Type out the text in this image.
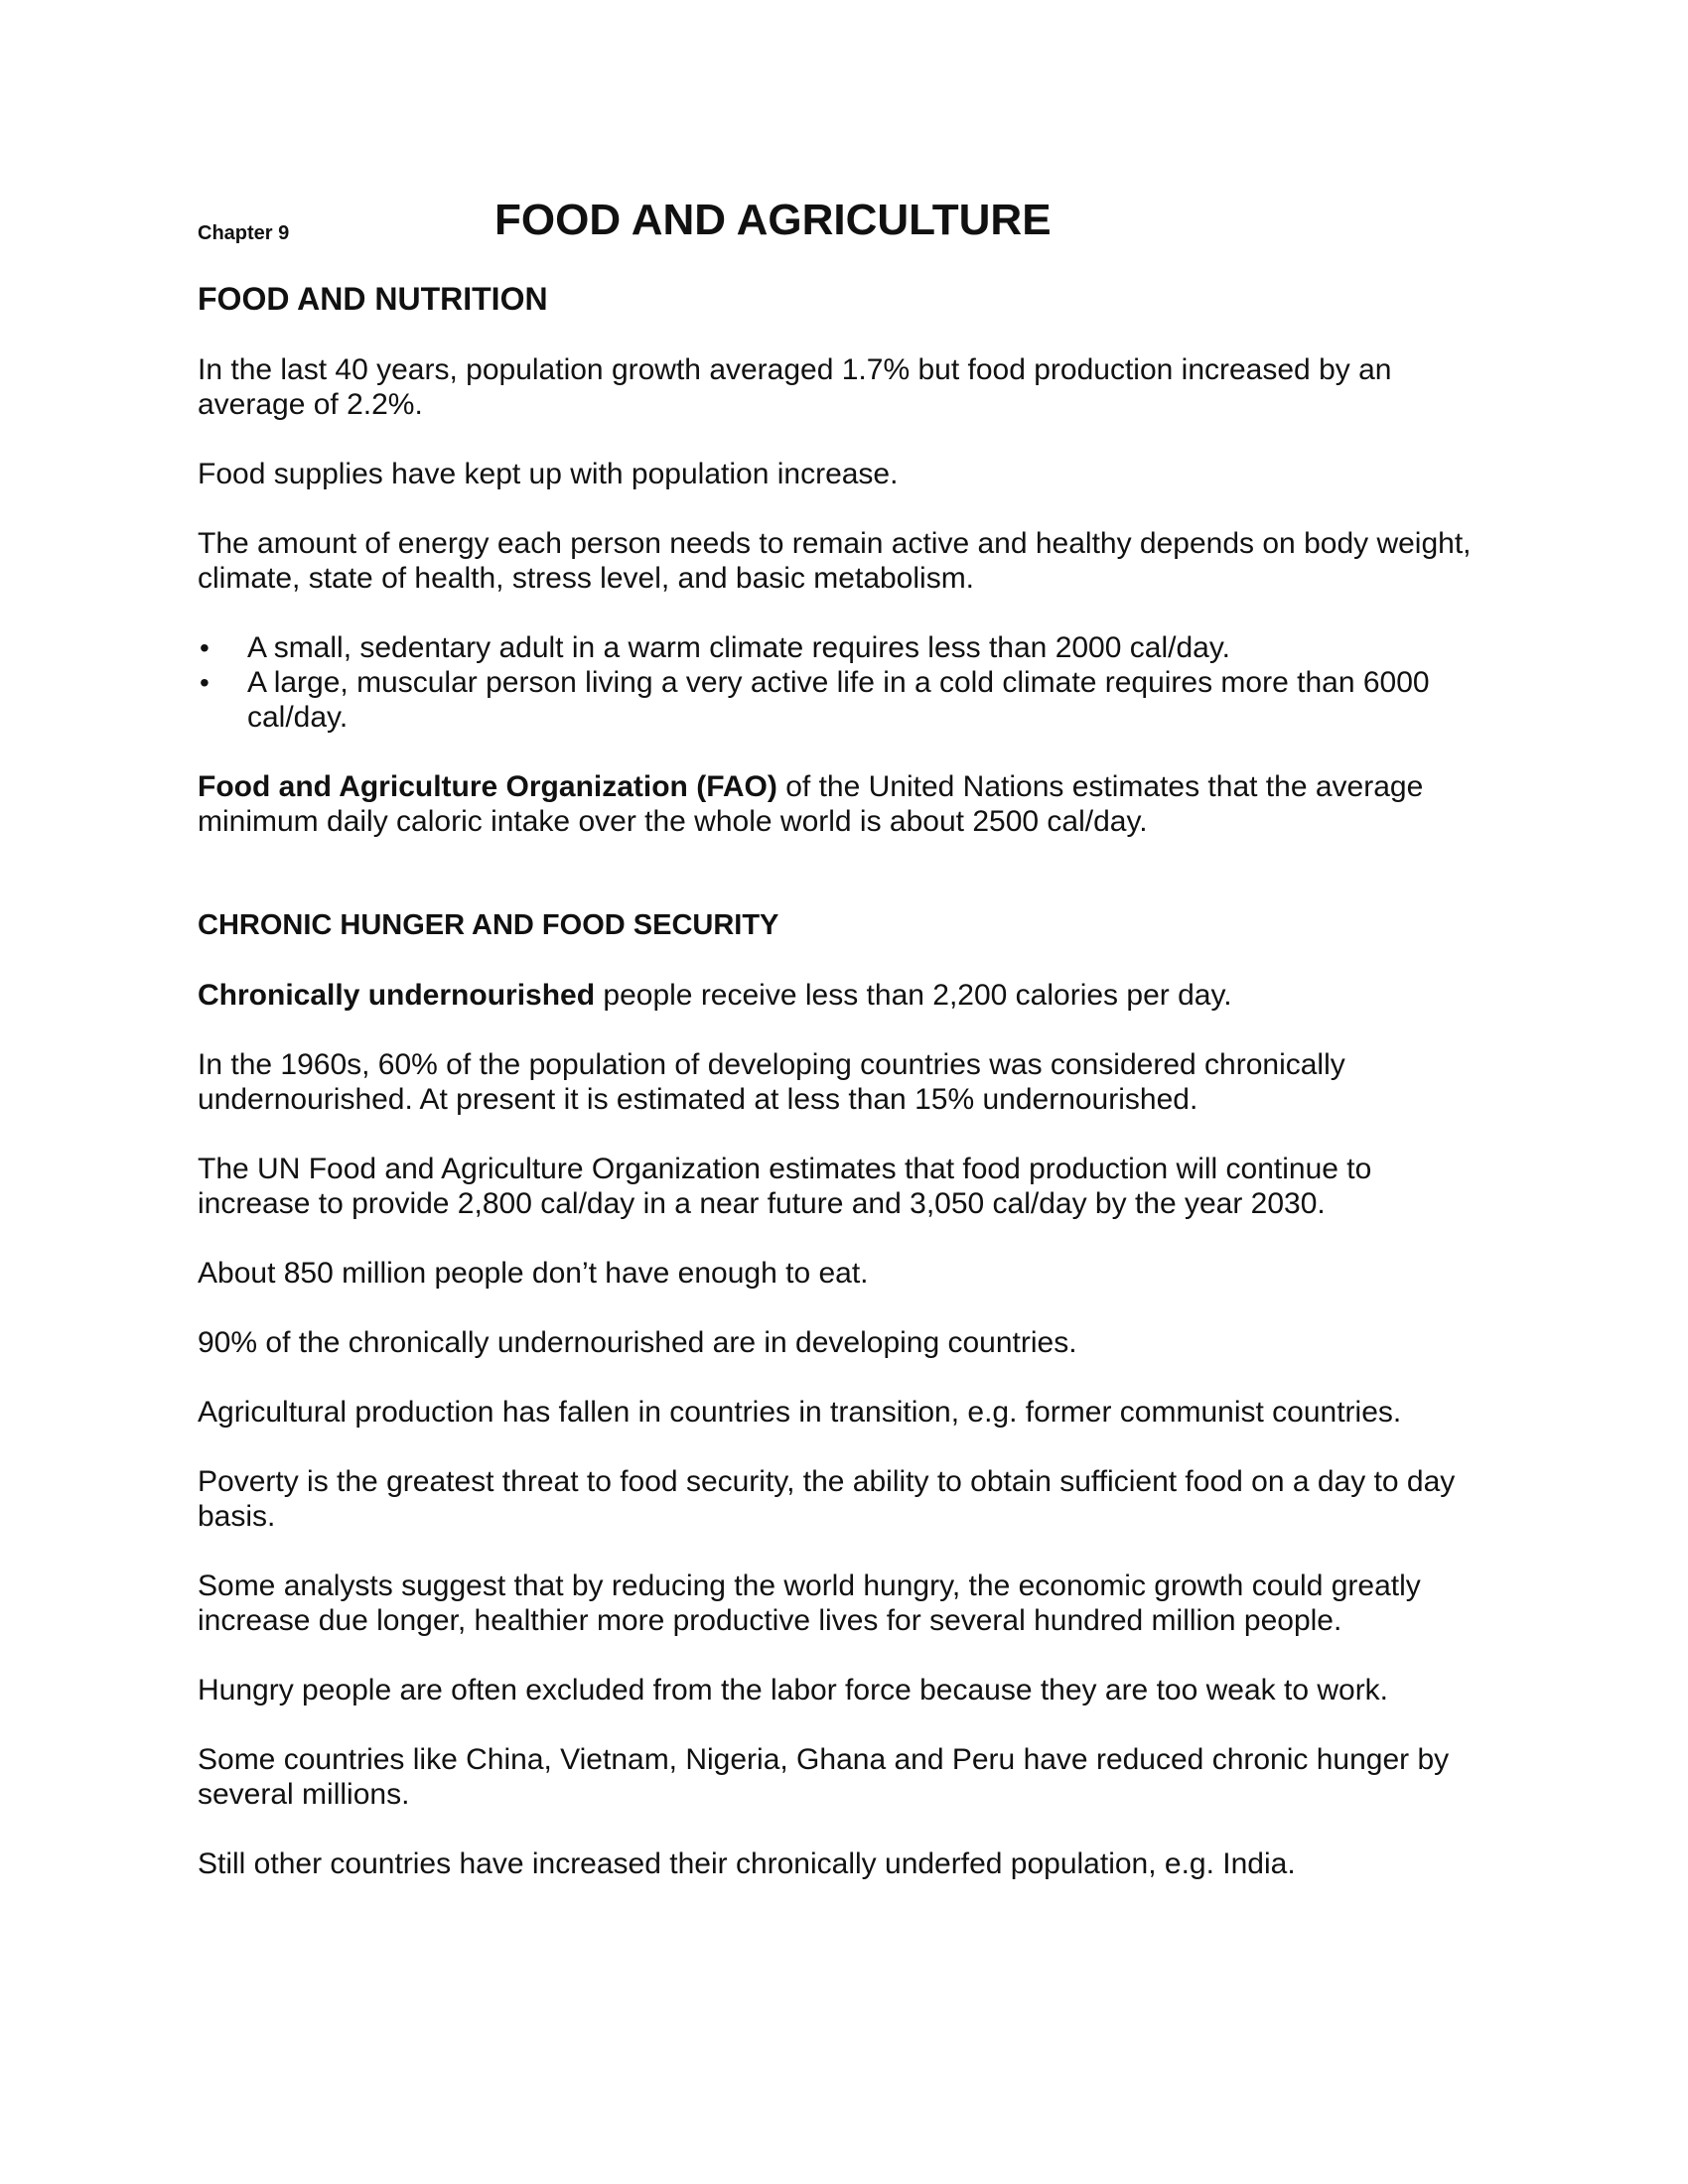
Chapter 9	FOOD AND AGRICULTURE
FOOD AND NUTRITION

In the last 40 years, population growth averaged 1.7% but food production increased by an average of 2.2%.

Food supplies have kept up with population increase.

The amount of energy each person needs to remain active and healthy depends on body weight, climate, state of health, stress level, and basic metabolism.

•	A small, sedentary adult in a warm climate requires less than 2000 cal/day.
•	A large, muscular person living a very active life in a cold climate requires more than 6000 cal/day.

Food and Agriculture Organization (FAO) of the United Nations estimates that the average minimum daily caloric intake over the whole world is about 2500 cal/day.

CHRONIC HUNGER AND FOOD SECURITY

Chronically undernourished people receive less than 2,200 calories per day.

In the 1960s, 60% of the population of developing countries was considered chronically undernourished. At present it is estimated at less than 15% undernourished.

The UN Food and Agriculture Organization estimates that food production will continue to increase to provide 2,800 cal/day in a near future and 3,050 cal/day by the year 2030.

About 850 million people don’t have enough to eat.

90% of the chronically undernourished are in developing countries.

Agricultural production has fallen in countries in transition, e.g. former communist countries.

Poverty is the greatest threat to food security, the ability to obtain sufficient food on a day to day basis.

Some analysts suggest that by reducing the world hungry, the economic growth could greatly increase due longer, healthier more productive lives for several hundred million people.

Hungry people are often excluded from the labor force because they are too weak to work.

Some countries like China, Vietnam, Nigeria, Ghana and Peru have reduced chronic hunger by several millions.

Still other countries have increased their chronically underfed population, e.g. India.
